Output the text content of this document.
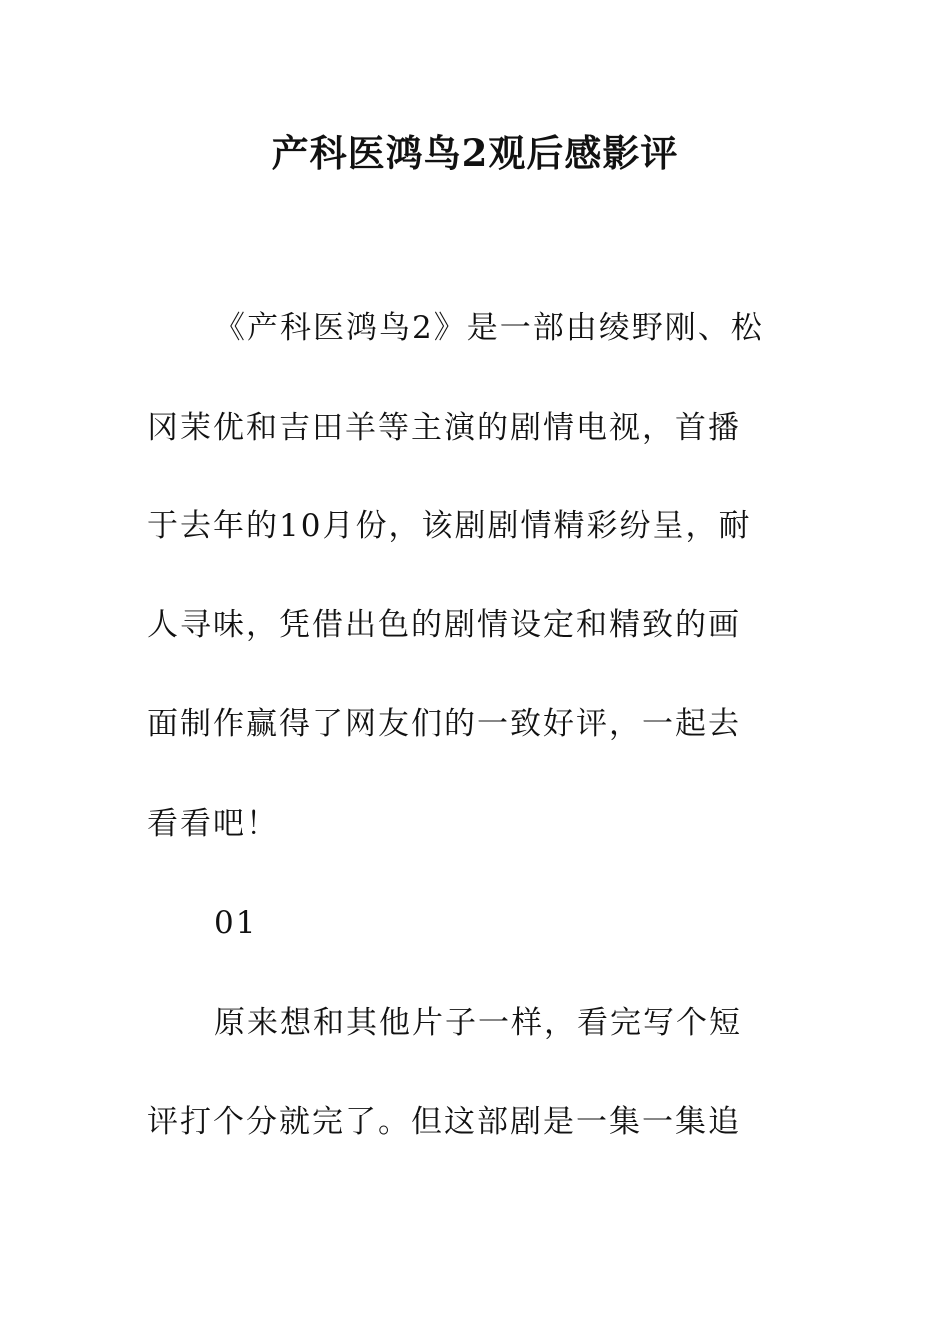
产科医鸿鸟2观后感影评
《产科医鸿鸟2》是一部由绫野刚、松
冈茉优和吉田羊等主演的剧情电视，首播
于去年的10月份，该剧剧情精彩纷呈，耐
人寻味，凭借出色的剧情设定和精致的画
面制作赢得了网友们的一致好评，一起去
看看吧！
01
原来想和其他片子一样，看完写个短
评打个分就完了。但这部剧是一集一集追
